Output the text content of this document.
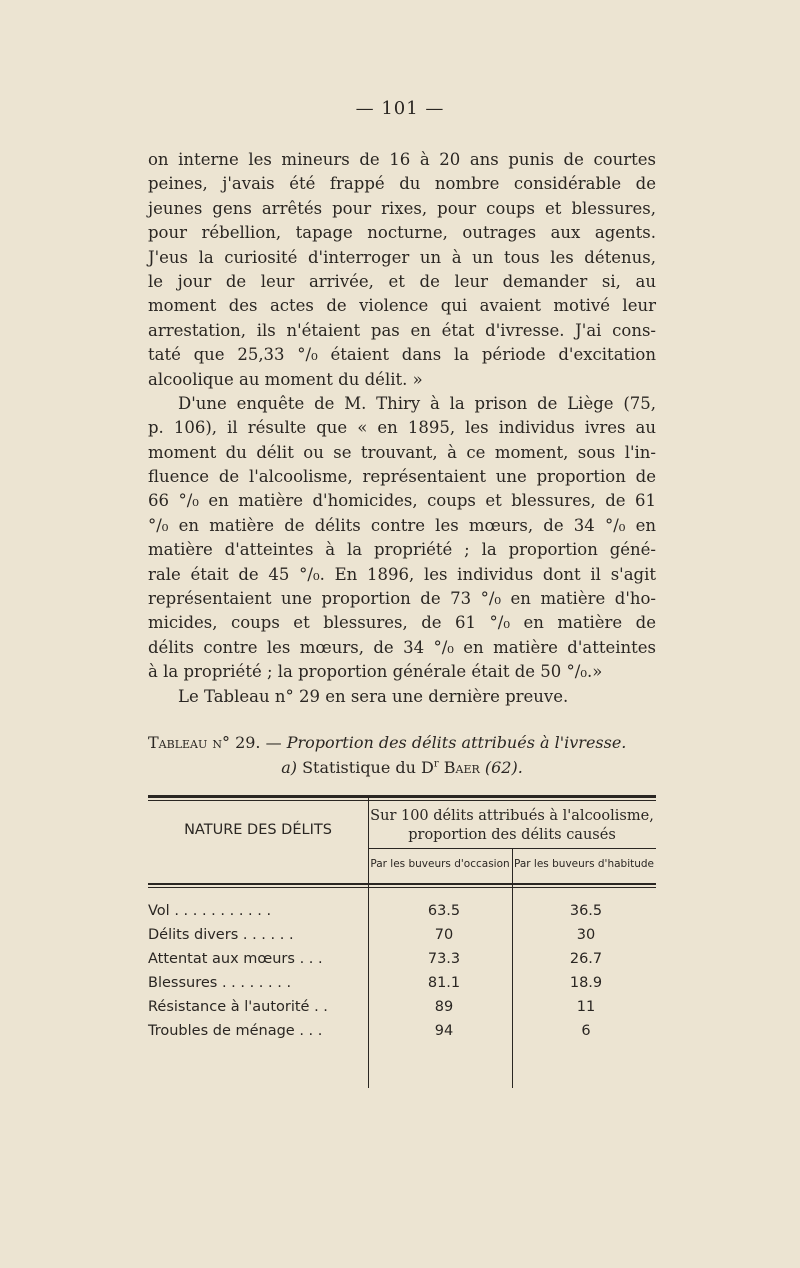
— 101 —
on interne les mineurs de 16 à 20 ans punis de courtes
peines, j'avais été frappé du nombre considérable de
jeunes gens arrêtés pour rixes, pour coups et blessures,
pour rébellion, tapage nocturne, outrages aux agents.
J'eus la curiosité d'interroger un à un tous les détenus,
le jour de leur arrivée, et de leur demander si, au
moment des actes de violence qui avaient motivé leur
arrestation, ils n'étaient pas en état d'ivresse. J'ai cons-
taté que 25,33 °/₀ étaient dans la période d'excitation
alcoolique au moment du délit. »
D'une enquête de M. Thiry à la prison de Liège (75,
p. 106), il résulte que « en 1895, les individus ivres au
moment du délit ou se trouvant, à ce moment, sous l'in-
fluence de l'alcoolisme, représentaient une proportion de
66 °/₀ en matière d'homicides, coups et blessures, de 61
°/₀ en matière de délits contre les mœurs, de 34 °/₀ en
matière d'atteintes à la propriété ; la proportion géné-
rale était de 45 °/₀. En 1896, les individus dont il s'agit
représentaient une proportion de 73 °/₀ en matière d'ho-
micides, coups et blessures, de 61 °/₀ en matière de
délits contre les mœurs, de 34 °/₀ en matière d'atteintes
à la propriété ; la proportion générale était de 50 °/₀.»
Le Tableau n° 29 en sera une dernière preuve.
Tableau n° 29. — Proportion des délits attribués à l'ivresse.
a) Statistique du $D^r$ Baer (62).
NATURE DES DÉLITS
Sur 100 délits attribués à l'alcoolisme,
proportion des délits causés
Par les buveurs d'occasion Par les buveurs d'habitude
Vol . . . . . . . . . . .	63.5	36.5
Délits divers . . . . . .	70	30
Attentat aux mœurs . . .	73.3	26.7
Blessures . . . . . . . .	81.1	18.9
Résistance à l'autorité . .	89	11
Troubles de ménage . . .	94	6
